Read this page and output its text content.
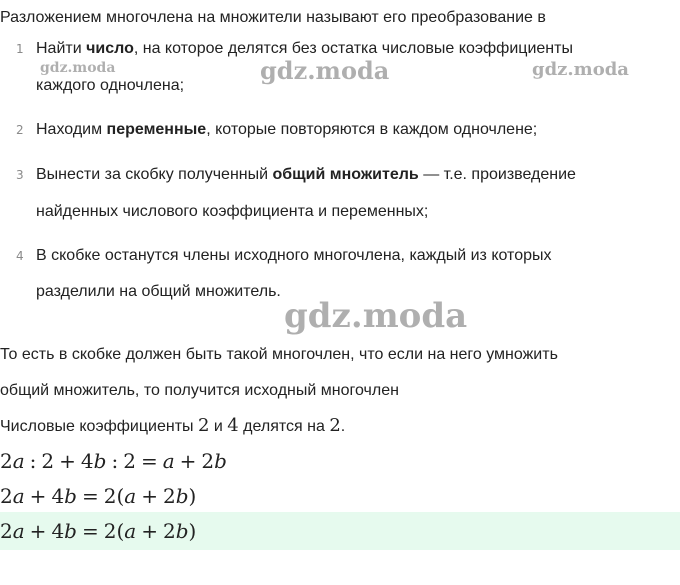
Разложением многочлена на множители называют его преобразование в
1 Найти число, на которое делятся без остатка числовые коэффициенты
каждого одночлена;
gdz.moda	gdz.moda	gdz.moda
2 Находим переменные, которые повторяются в каждом одночлене;
3 Вынести за скобку полученный общий множитель — т.е. произведение
найденных числового коэффициента и переменных;
4 В скобке останутся члены исходного многочлена, каждый из которых
разделили на общий множитель.
gdz.moda
То есть в скобке должен быть такой многочлен, что если на него умножить
общий множитель, то получится исходный многочлен
Числовые коэффициенты 2 и 4 делятся на 2.
2a : 2 + 4b : 2 = a + 2b
2a + 4b = 2(a + 2b)
2a + 4b = 2(a + 2b)
